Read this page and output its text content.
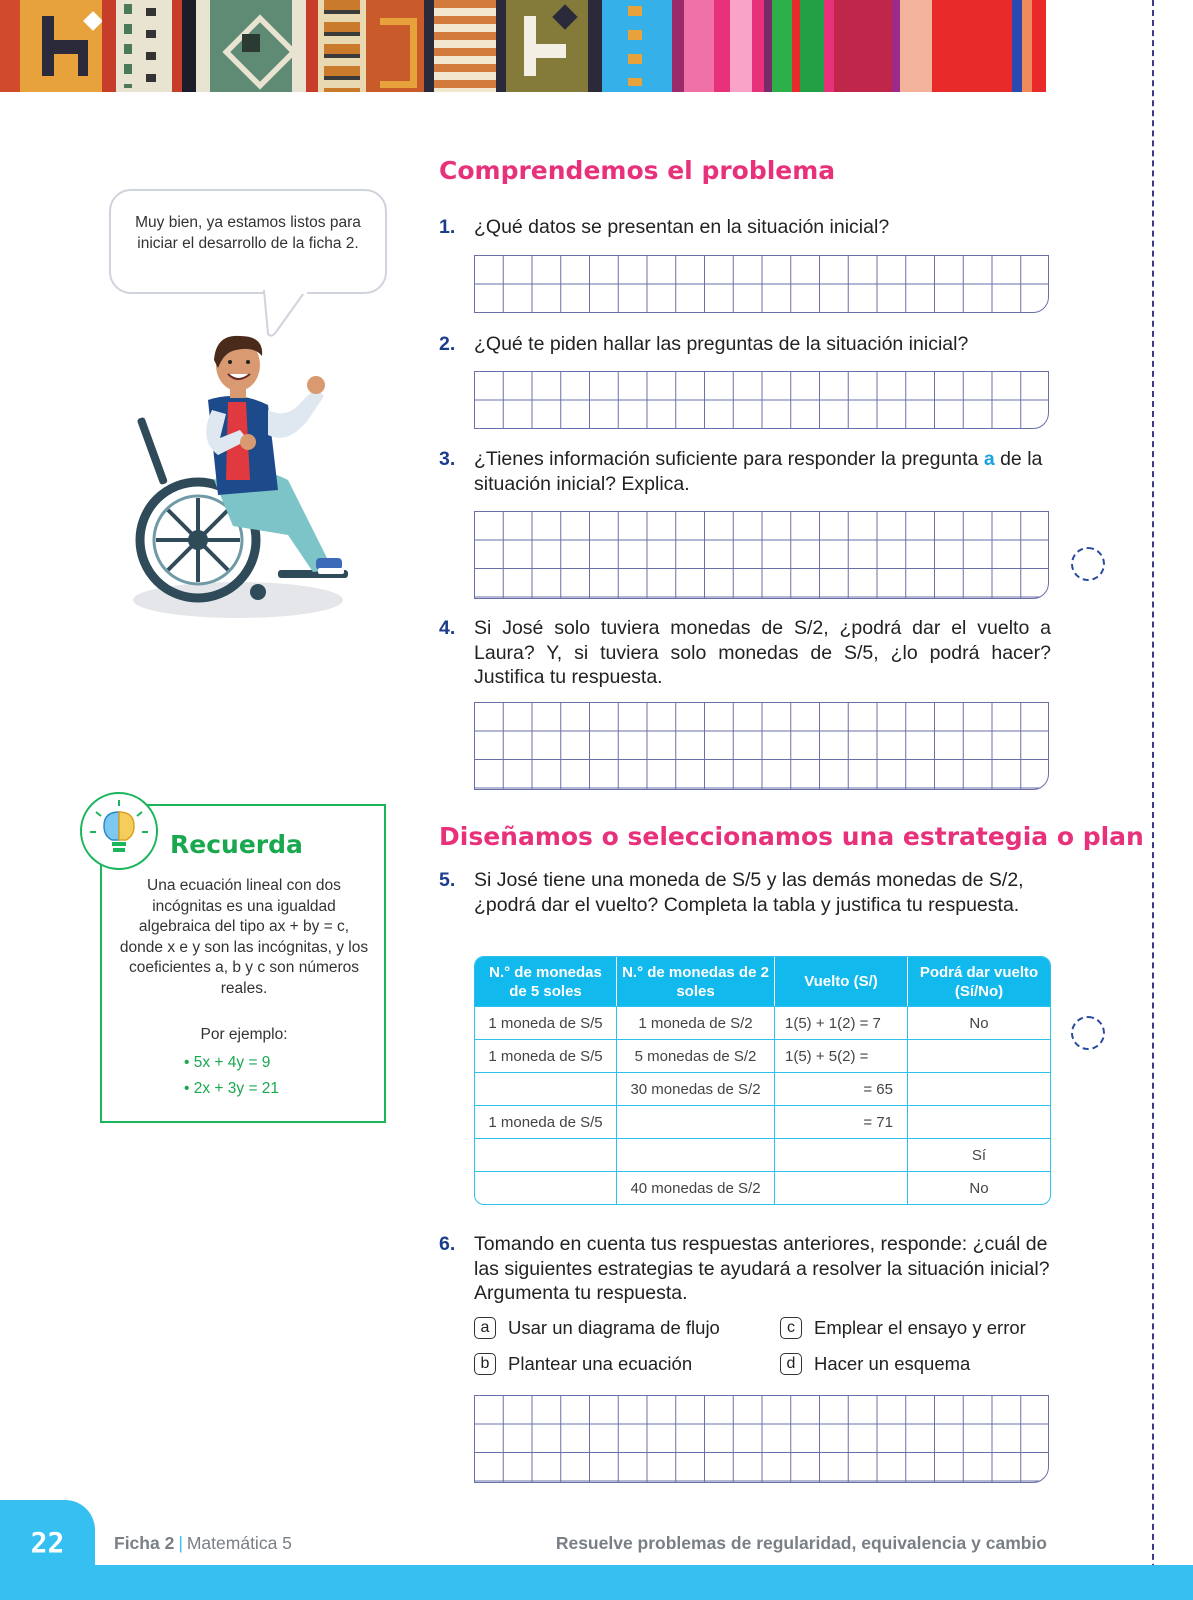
Muy bien, ya estamos listos para iniciar el desarrollo de la ficha 2.

Recuerda
Una ecuación lineal con dos incógnitas es una igualdad algebraica del tipo ax + by = c, donde x e y son las incógnitas, y los coeficientes a, b y c son números reales.
Por ejemplo:
• 5x + 4y = 9
• 2x + 3y = 21
Comprendemos el problema
1. ¿Qué datos se presentan en la situación inicial?
2. ¿Qué te piden hallar las preguntas de la situación inicial?
3. ¿Tienes información suficiente para responder la pregunta a de la situación inicial? Explica.
4. Si José solo tuviera monedas de S/2, ¿podrá dar el vuelto a Laura? Y, si tuviera solo monedas de S/5, ¿lo podrá hacer? Justifica tu respuesta.
Diseñamos o seleccionamos una estrategia o plan
5. Si José tiene una moneda de S/5 y las demás monedas de S/2, ¿podrá dar el vuelto? Completa la tabla y justifica tu respuesta.
N.° de monedas de 5 soles	N.° de monedas de 2 soles	Vuelto (S/)	Podrá dar vuelto (Sí/No)
1 moneda de S/5	1 moneda de S/2	1(5) + 1(2) = 7	No
1 moneda de S/5	5 monedas de S/2	1(5) + 5(2) =	
	30 monedas de S/2	= 65	
1 moneda de S/5		= 71	
			Sí
	40 monedas de S/2		No
6. Tomando en cuenta tus respuestas anteriores, responde: ¿cuál de las siguientes estrategias te ayudará a resolver la situación inicial? Argumenta tu respuesta.
a	Usar un diagrama de flujo	c	Emplear el ensayo y error
b	Plantear una ecuación	d	Hacer un esquema
22	Ficha 2 | Matemática 5	Resuelve problemas de regularidad, equivalencia y cambio
